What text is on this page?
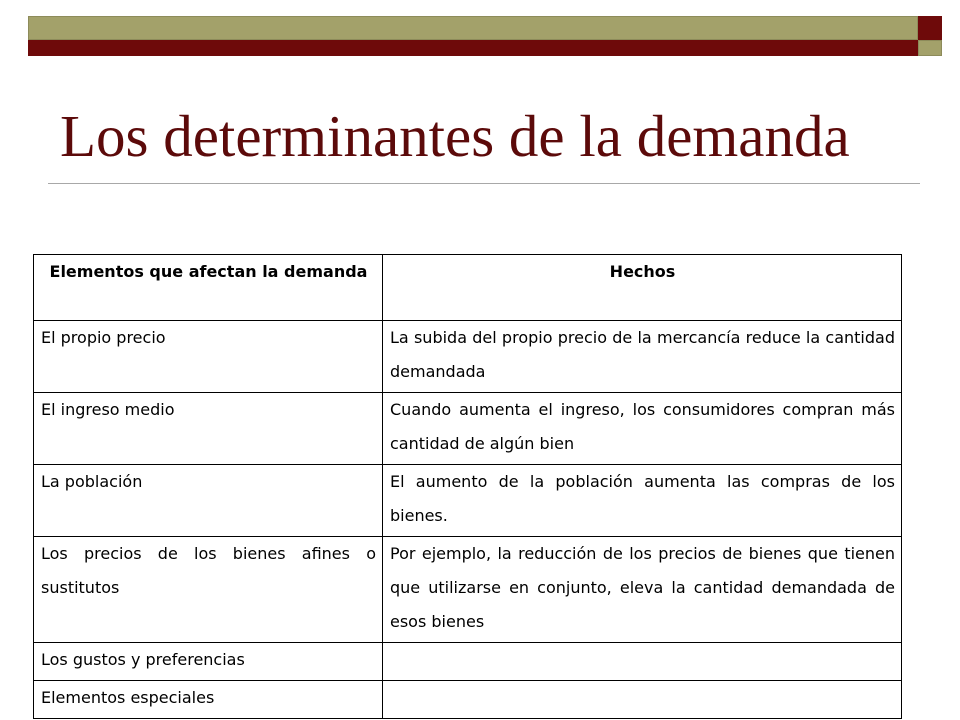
Los determinantes de la demanda
Elementos que afectan la demanda	Hechos
El propio precio	La subida del propio precio de la mercancía reduce la cantidad demandada
El ingreso medio	Cuando aumenta el ingreso, los consumidores compran más cantidad de algún bien
La población	El aumento de la población aumenta las compras de los bienes.
Los precios de los bienes afines o sustitutos	Por ejemplo, la reducción de los precios de bienes que tienen que utilizarse en conjunto, eleva la cantidad demandada de esos bienes
Los gustos y preferencias	
Elementos especiales	
